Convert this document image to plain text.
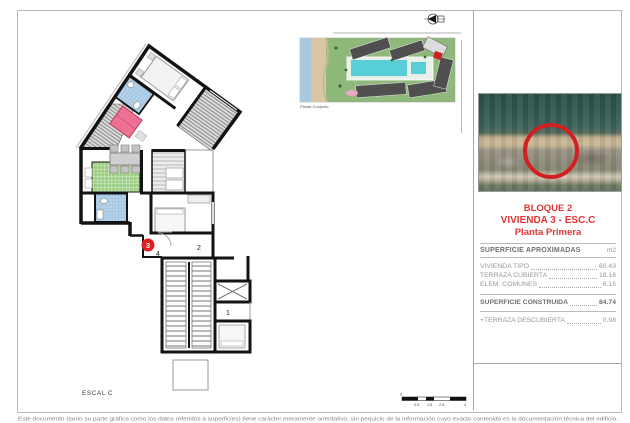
Planta Conjunto
3
4
2
1
0
0.5 1.5 2.5	4
ESCAL C
Este documento (tanto su parte gráfica como los datos referidos a superficies) tiene carácter meramente orientativo, sin perjuicio de la información cuyo exacto contenido es la documentación técnica del edificio.
BLOQUE 2
VIVIENDA 3 - ESC.C
Planta Primera
SUPERFICIE APROXIMADAS	m2
VIVIENDA TIPO	60.43
TERRAZA CUBIERTA	18.16
ELEM. COMUNES	6.15
SUPERFICIE CONSTRUIDA	84.74
+TERRAZA DESCUBIERTA	0.98
